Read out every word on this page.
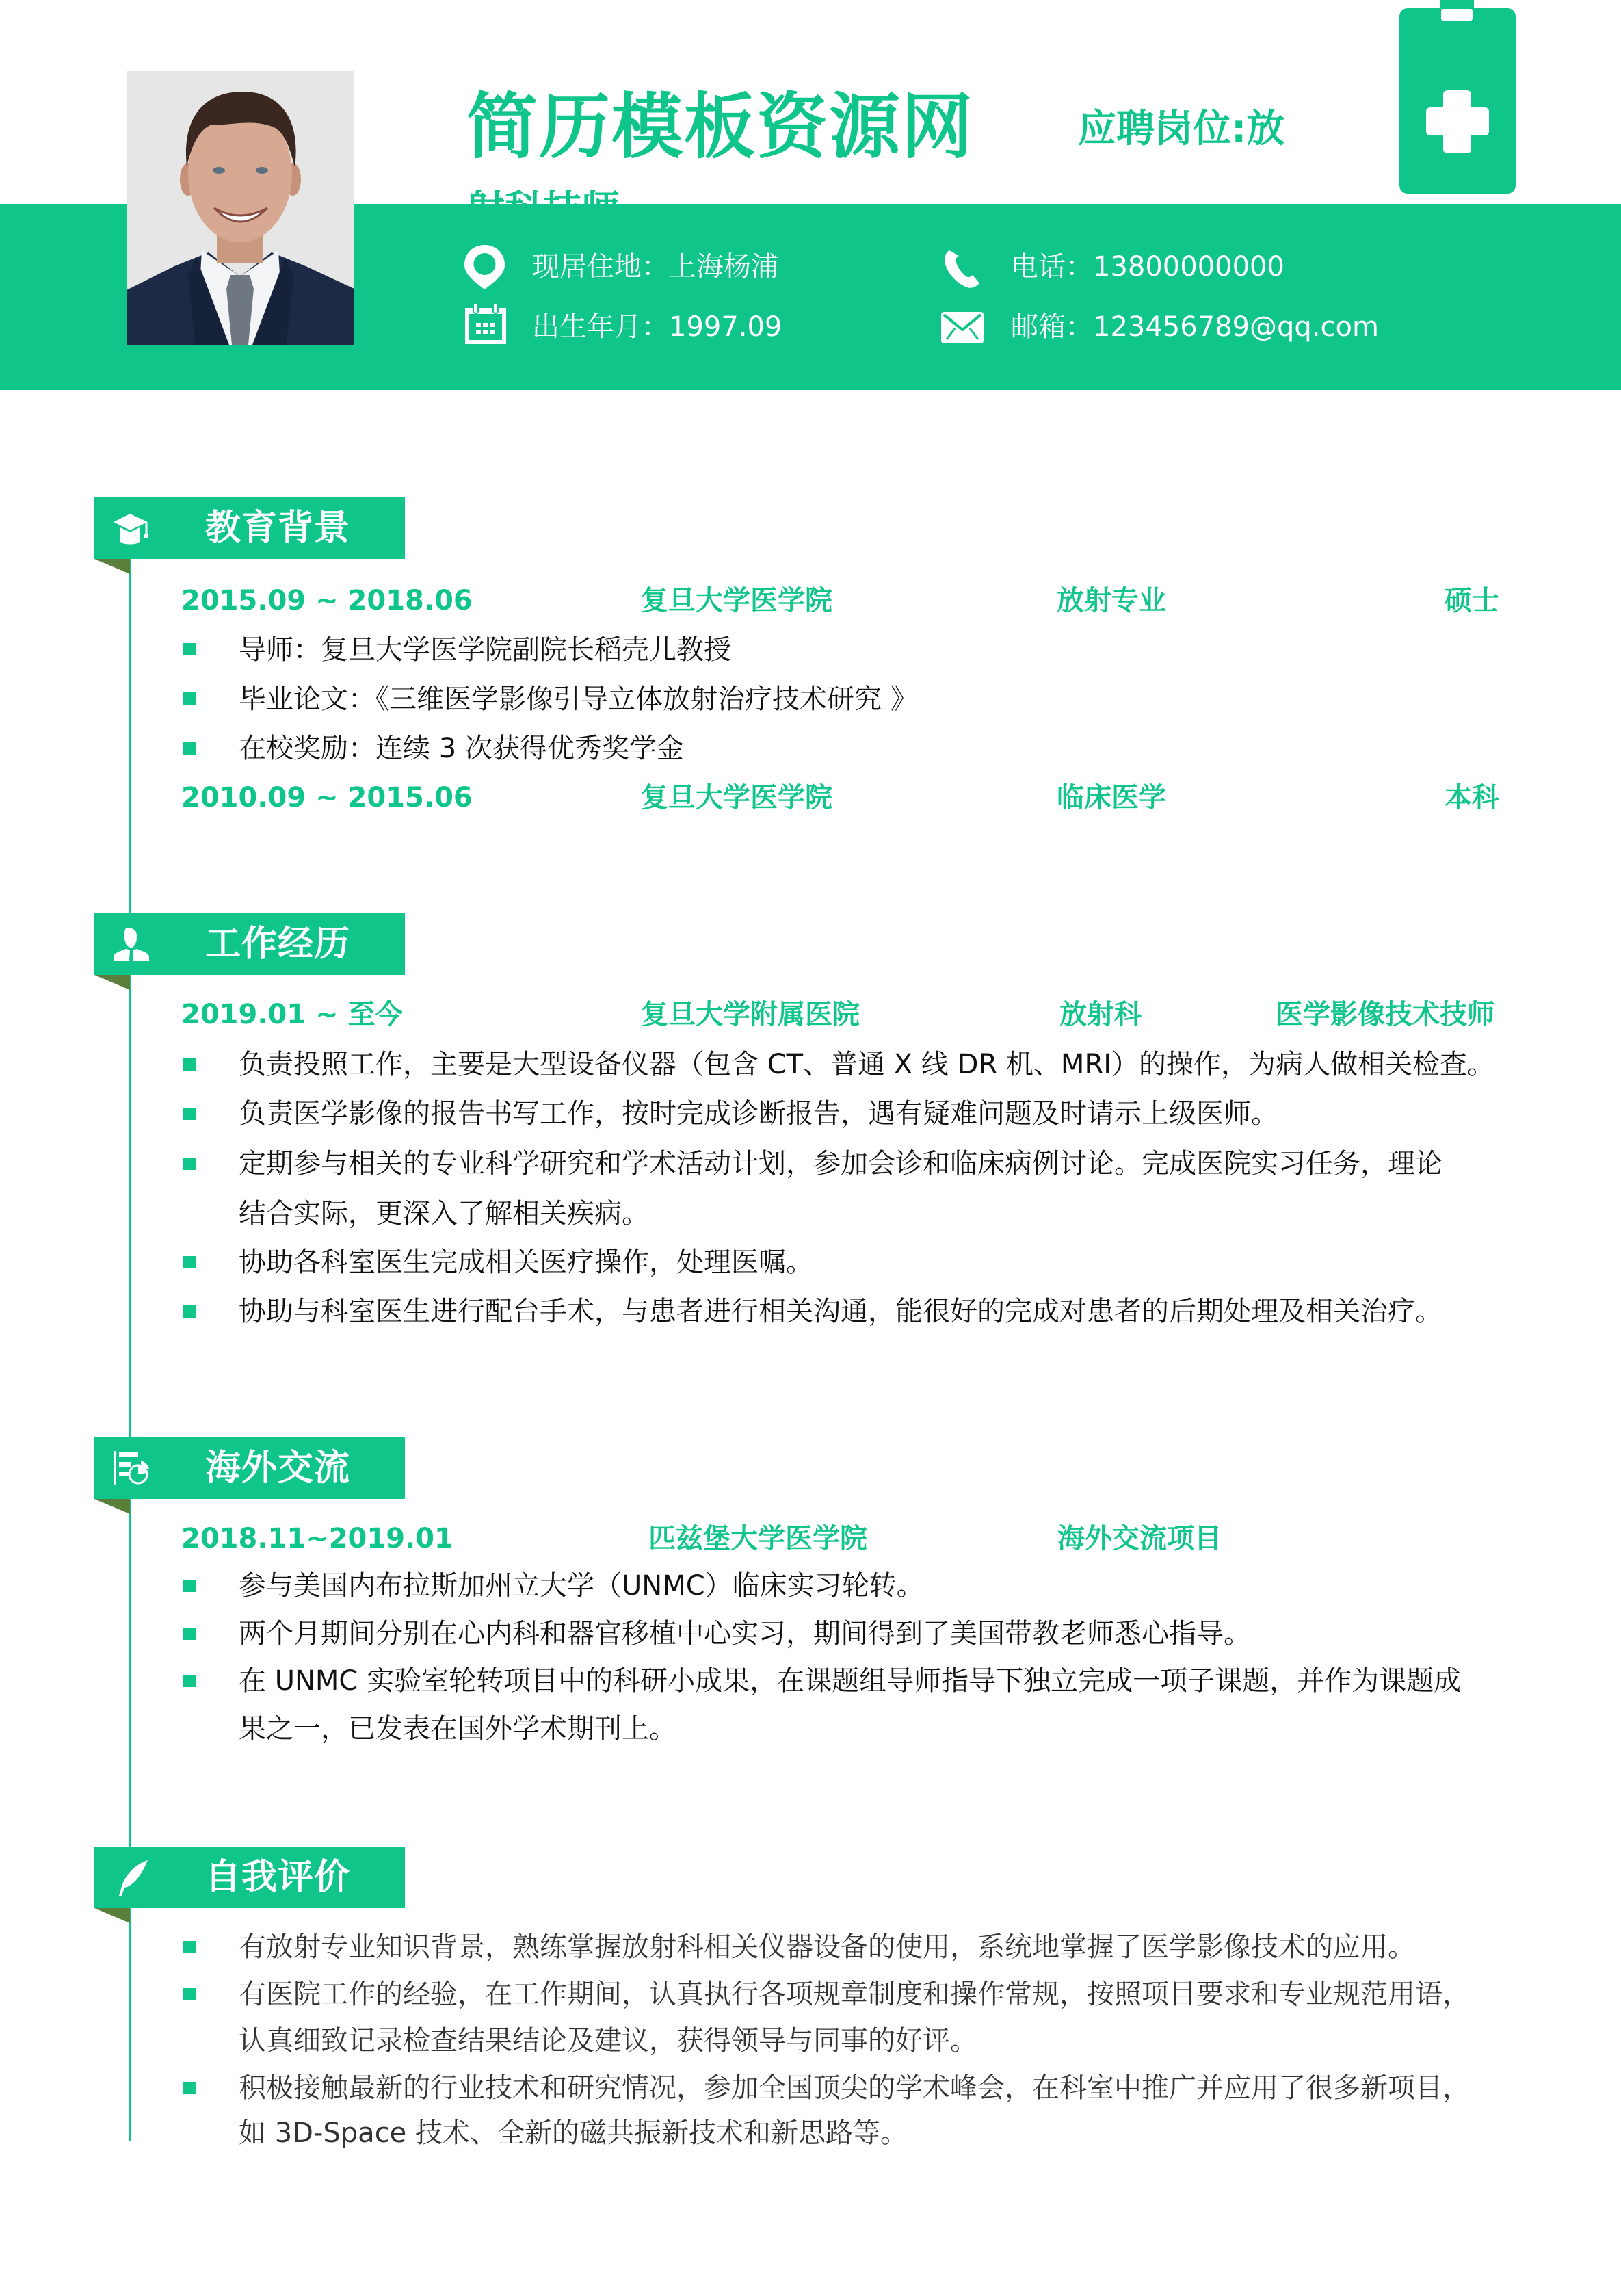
简历模板资源网	应聘岗位:放
现居住地：上海杨浦
出生年月：1997.09
电话：13800000000
邮箱：123456789@qq.com
教育背景
2015.09 ~ 2018.06	复旦大学医学院	放射专业	硕士
导师：复旦大学医学院副院长稻壳儿教授
毕业论文：《三维医学影像引导立体放射治疗技术研究 》
在校奖励：连续 3 次获得优秀奖学金
2010.09 ~ 2015.06	复旦大学医学院	临床医学	本科
工作经历
2019.01 ~ 至今	复旦大学附属医院	放射科	医学影像技术技师
负责投照工作，主要是大型设备仪器（包含 CT、普通 X 线 DR 机、MRI）的操作，为病人做相关检查。
负责医学影像的报告书写工作，按时完成诊断报告，遇有疑难问题及时请示上级医师。
定期参与相关的专业科学研究和学术活动计划，参加会诊和临床病例讨论。完成医院实习任务，理论
结合实际，更深入了解相关疾病。
协助各科室医生完成相关医疗操作，处理医嘱。
协助与科室医生进行配台手术，与患者进行相关沟通，能很好的完成对患者的后期处理及相关治疗。
海外交流
2018.11~2019.01	匹兹堡大学医学院	海外交流项目
参与美国内布拉斯加州立大学（UNMC）临床实习轮转。
两个月期间分别在心内科和器官移植中心实习，期间得到了美国带教老师悉心指导。
在 UNMC 实验室轮转项目中的科研小成果，在课题组导师指导下独立完成一项子课题，并作为课题成
果之一，已发表在国外学术期刊上。
自我评价
有放射专业知识背景，熟练掌握放射科相关仪器设备的使用，系统地掌握了医学影像技术的应用。
有医院工作的经验，在工作期间，认真执行各项规章制度和操作常规，按照项目要求和专业规范用语，
认真细致记录检查结果结论及建议，获得领导与同事的好评。
积极接触最新的行业技术和研究情况，参加全国顶尖的学术峰会，在科室中推广并应用了很多新项目，
如 3D-Space 技术、全新的磁共振新技术和新思路等。
